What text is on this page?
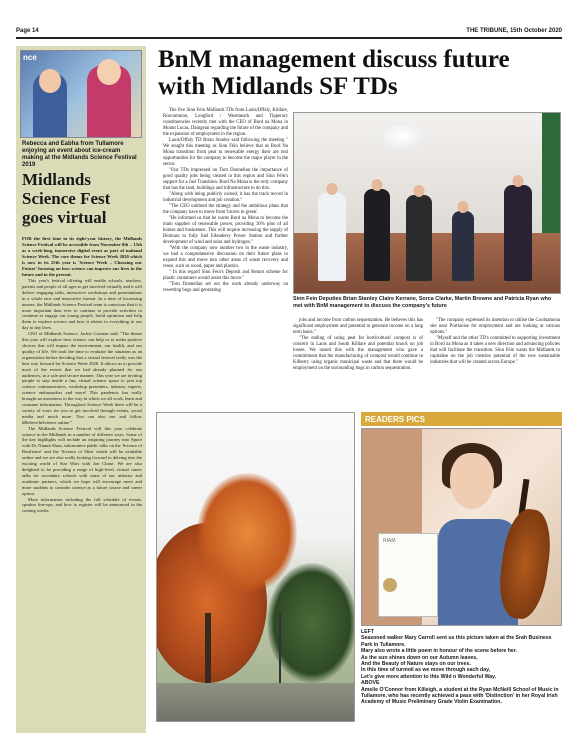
Page 14	THE TRIBUNE, 15th October 2020
nce
Rebecca and Eabha from Tullamore enjoying an event about ice-cream making at the Midlands Science Festival 2019
Midlands Science Fest goes virtual
FOR the first time in its eight-year history, the Midlands Science Festival will be accessible from November 8th – 15th as a week-long, immersive digital event as part of national Science Week. The core theme for Science Week 2020 which is now in its 25th year is 'Science Week – Choosing our Future' focusing on how science can improve our lives in the future and in the present.

This year's festival offering will enable schools, teachers, parents and people of all ages to get involved virtually and it will deliver engaging talks, interactive workshops and presentations in a whole new and innovative format. In a time of increasing unease, the Midlands Science Festival team is conscious that it is more important than ever to continue to provide activities to continue to engage our young people, build optimism and help them to explore science and how it relates to everything in our day to day lives.

CEO of Midlands Science, Jackie Gorman said, "The theme this year will explore how science can help us to make positive choices that will impact the environment, our health, and our quality of life. We took the time to evaluate the situation as an organisation before deciding that a virtual festival really was the best way forward for Science Week 2020. It allows us to provide most of the events that we had already planned for our audiences, in a safe and secure manner. This year we are inviting people to step inside a fun, virtual science space to join top science communicators, workshop presenters, industry experts, science ambassadors and more! This pandemic has really brought an awareness to the way in which we all work, learn and consume information. Throughout Science Week there will be a variety of ways for you to get involved through events, social media and much more. You can also use and follow #BelieveInScience online."

The Midlands Science Festival will this year celebrate science in the Midlands in a number of different ways. Some of the key highlights will include an inspiring journey into Space with Dr. Niamh Shaw, informative public talks on the 'Science of Resilience' and the 'Science of Slim' which will be available online and we are also really looking forward to delving into the exciting world of Star Wars with Jon Chase. We are also delighted to be providing a range of high-level, virtual career talks for secondary schools with some of our industry and academic partners, which we hope will encourage more and more students to consider science as a future course and career option.

More information including the full schedule of events, speaker line-ups, and how to register will be announced in the coming weeks.

BnM management discuss future with Midlands SF TDs

The five Sinn Fein Midlands TDs from Laois/Offaly, Kildare, Roscommon, Longford / Westmeath and Tipperary constituencies recently met with the CEO of Bord na Mona in Mount Lucas, Daingean regarding the future of the company and the expansion of employment in the region.

Laois/Offaly TD Brian Stanley said following the meeting " We sought this meeting as Sinn Féin believe that as Bord Na Mona transition from peat to renewable energy their are real opportunities for the company to become the major player in the sector.

"Our TDs impressed on Tom Donnellan the importance of good quality jobs being created in this region and Sinn Féin's support for a Just Transition. Bord Na Mona is the only company that has the land, buildings and infrastructure to do this.

"Along with being publicly owned, it has the track record in industrial development and job creation."

"The CEO outlined the strategy and the ambitious plans that the company have to move from 'brown to green'.

"He informed us that he wants Bord na Mona to become the main supplier of renewable power, providing 30% plus of all homes and businesses. This will require increasing the supply of Biomass to fully fuel Edenderry Power Station and further development of wind and solar and hydrogen."

"With the company now number two in the waste industry, we had a comprehensive discussion on their future plans to expand this and move into other areas of waste recovery and reuse, such as wood, paper and plastics.

" In this regard Sinn Fein's Deposit and Return scheme for plastic containers would assist this move."

"Tom Donnellan set out the work already underway on rewetting bogs and generating

Sinn Fein Deputies Brian Stanley Claire Kerrane, Sorca Clarke, Martin Browne and Patricia Ryan who met with BnM management to discuss the company's future

jobs and income from carbon sequestration. He believes this has significant employment and potential to generate income on a long term basis."

"The ending of using peat for horticultural compost is of concern in Laois and South Kildare and potential knock on job losses. We raised this with the management who gave a commitment that the manufacturing of compost would continue in Kilberry using organic municipal waste and that there would be employment on the surrounding bogs in carbon sequestration.

"The company expressed its intention to utilise the Coolnamona site near Portlaoise for employment and are looking at various options."

"Myself and the other TD's committed to supporting investment in Bord na Mona as it takes a new direction and advancing policies that will facilitate the transition. Sinn Féin wants the Midlands to capitalise on the job creation potential of the new sustainable industries that will be created across Europe."

READERS PICS
RIAM
LEFT
Seasoned walker Mary Carroll sent us this picture taken at the Srah Business Park in Tullamore.
Mary also wrote a little poem in honour of the scene before her.
As the sun shines down on our Autumn leaves,
And the Beauty of Nature stays on our trees.
In this time of turmoil as we move through each day,
Let's give more attention to this Wild n Wonderful Way.
ABOVE
Amelie O'Connor from Killeigh, a student at the Ryan McNeill School of Music in Tullamore, who has recently achieved a pass with 'Distinction' in her Royal Irish Academy of Music Preliminary Grade Violin Examination.
